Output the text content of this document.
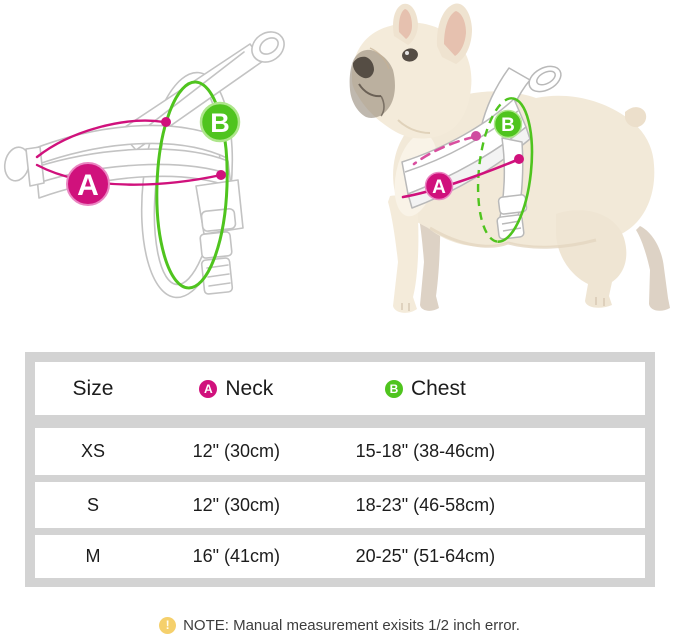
A
B
A
B
Size	A Neck	B Chest
XS	12" (30cm)	15-18" (38-46cm)
S	12" (30cm)	18-23" (46-58cm)
M	16" (41cm)	20-25" (51-64cm)
! NOTE: Manual measurement exisits 1/2 inch error.
